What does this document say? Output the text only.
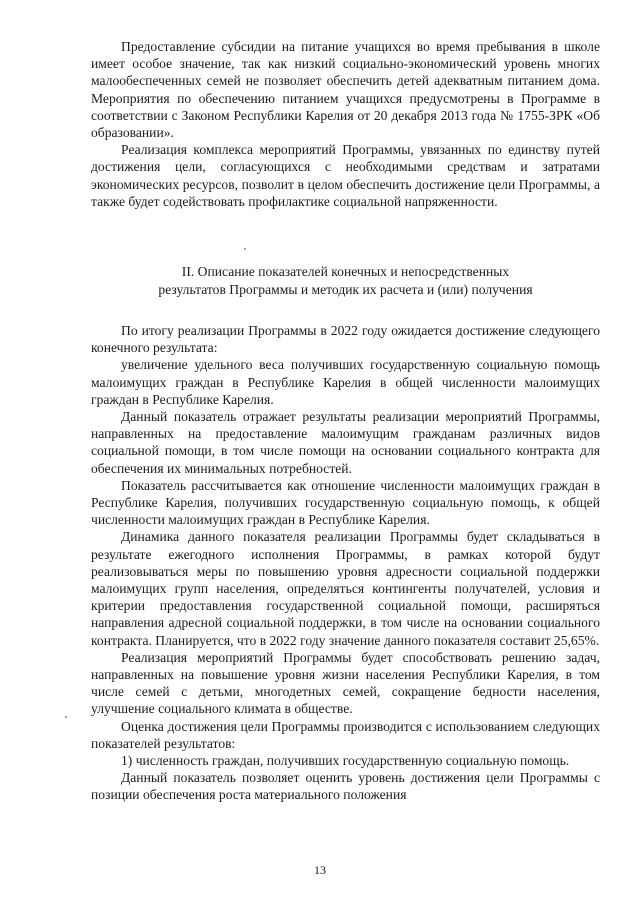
Предоставление субсидии на питание учащихся во время пребывания в школе имеет особое значение, так как низкий социально-экономический уровень многих малообеспеченных семей не позволяет обеспечить детей адекватным питанием дома. Мероприятия по обеспечению питанием учащихся предусмотрены в Программе в соответствии с Законом Республики Карелия от 20 декабря 2013 года № 1755-ЗРК «Об образовании».

Реализация комплекса мероприятий Программы, увязанных по единству путей достижения цели, согласующихся с необходимыми средствам и затратами экономических ресурсов, позволит в целом обеспечить достижение цели Программы, а также будет содействовать профилактике социальной напряженности.

II. Описание показателей конечных и непосредственных
результатов Программы и методик их расчета и (или) получения

По итогу реализации Программы в 2022 году ожидается достижение следующего конечного результата:

увеличение удельного веса получивших государственную социальную помощь малоимущих граждан в Республике Карелия в общей численности малоимущих граждан в Республике Карелия.

Данный показатель отражает результаты реализации мероприятий Программы, направленных на предоставление малоимущим гражданам различных видов социальной помощи, в том числе помощи на основании социального контракта для обеспечения их минимальных потребностей.

Показатель рассчитывается как отношение численности малоимущих граждан в Республике Карелия, получивших государственную социальную помощь, к общей численности малоимущих граждан в Республике Карелия.

Динамика данного показателя реализации Программы будет складываться в результате ежегодного исполнения Программы, в рамках которой будут реализовываться меры по повышению уровня адресности социальной поддержки малоимущих групп населения, определяться контингенты получателей, условия и критерии предоставления государственной социальной помощи, расширяться направления адресной социальной поддержки, в том числе на основании социального контракта. Планируется, что в 2022 году значение данного показателя составит 25,65%.

Реализация мероприятий Программы будет способствовать решению задач, направленных на повышение уровня жизни населения Республики Карелия, в том числе семей с детьми, многодетных семей, сокращение бедности населения, улучшение социального климата в обществе.

Оценка достижения цели Программы производится с использованием следующих показателей результатов:

1) численность граждан, получивших государственную социальную помощь.

Данный показатель позволяет оценить уровень достижения цели Программы с позиции обеспечения роста материального положения

13
